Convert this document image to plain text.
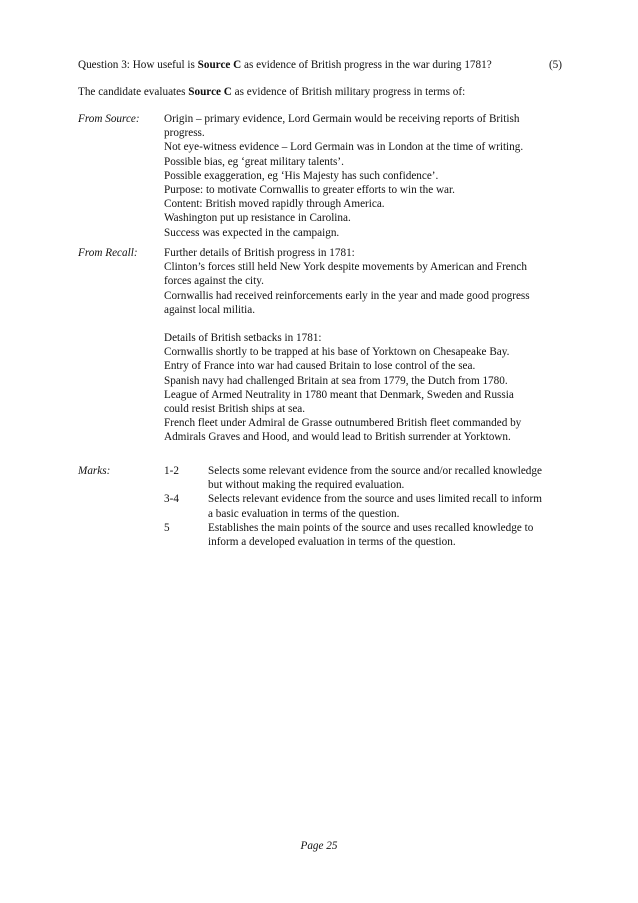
Question 3: How useful is Source C as evidence of British progress in the war during 1781?	(5)
The candidate evaluates Source C as evidence of British military progress in terms of:
From Source: Origin – primary evidence, Lord Germain would be receiving reports of British
progress.
Not eye-witness evidence – Lord Germain was in London at the time of writing.
Possible bias, eg ‘great military talents’.
Possible exaggeration, eg ‘His Majesty has such confidence’.
Purpose: to motivate Cornwallis to greater efforts to win the war.
Content: British moved rapidly through America.
Washington put up resistance in Carolina.
Success was expected in the campaign.
From Recall: Further details of British progress in 1781:
Clinton’s forces still held New York despite movements by American and French
forces against the city.
Cornwallis had received reinforcements early in the year and made good progress
against local militia.
Details of British setbacks in 1781:
Cornwallis shortly to be trapped at his base of Yorktown on Chesapeake Bay.
Entry of France into war had caused Britain to lose control of the sea.
Spanish navy had challenged Britain at sea from 1779, the Dutch from 1780.
League of Armed Neutrality in 1780 meant that Denmark, Sweden and Russia
could resist British ships at sea.
French fleet under Admiral de Grasse outnumbered British fleet commanded by
Admirals Graves and Hood, and would lead to British surrender at Yorktown.
Marks:	1-2	Selects some relevant evidence from the source and/or recalled knowledge
but without making the required evaluation.
3-4	Selects relevant evidence from the source and uses limited recall to inform
a basic evaluation in terms of the question.
5	Establishes the main points of the source and uses recalled knowledge to
inform a developed evaluation in terms of the question.
Page 25
